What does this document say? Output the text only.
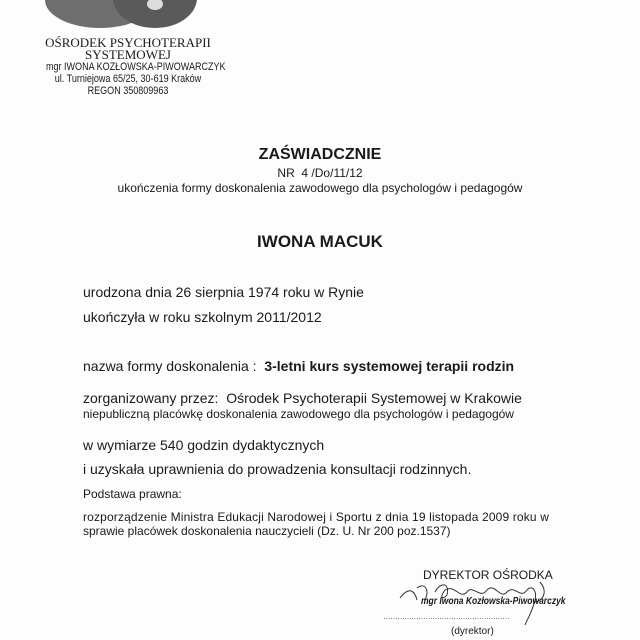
OŚRODEK PSYCHOTERAPII
SYSTEMOWEJ
mgr IWONA KOZŁOWSKA-PIWOWARCZYK
ul. Turniejowa 65/25, 30-619 Kraków
REGON 350809963
ZAŚWIADCZNIE
NR 4 /Do/11/12
ukończenia formy doskonalenia zawodowego dla psychologów i pedagogów
IWONA MACUK
urodzona dnia 26 sierpnia 1974 roku w Rynie
ukończyła w roku szkolnym 2011/2012
nazwa formy doskonalenia : 3-letni kurs systemowej terapii rodzin
zorganizowany przez: Ośrodek Psychoterapii Systemowej w Krakowie
niepubliczną placówkę doskonalenia zawodowego dla psychologów i pedagogów
w wymiarze 540 godzin dydaktycznych
i uzyskała uprawnienia do prowadzenia konsultacji rodzinnych.
Podstawa prawna:
rozporządzenie Ministra Edukacji Narodowej i Sportu z dnia 19 listopada 2009 roku w
sprawie placówek doskonalenia nauczycieli (Dz. U. Nr 200 poz.1537)
DYREKTOR OŚRODKA
mgr Iwona Kozłowska-Piwowarczyk
………………………………………………
(dyrektor)
